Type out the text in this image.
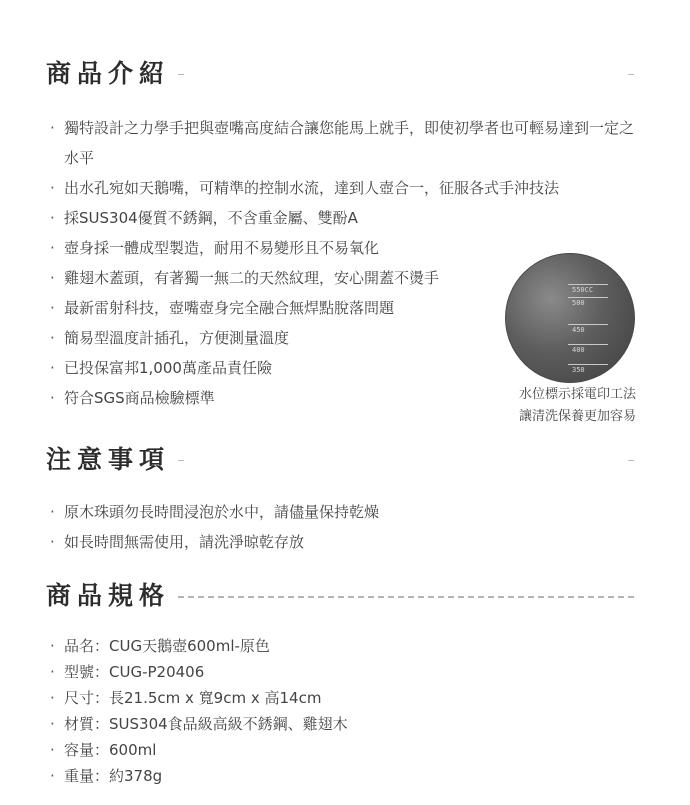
商品介紹
· 獨特設計之力學手把與壺嘴高度結合讓您能馬上就手，即使初學者也可輕易達到一定之水平
· 出水孔宛如天鵝嘴，可精準的控制水流，達到人壺合一，征服各式手沖技法
· 採SUS304優質不銹鋼，不含重金屬、雙酚A
· 壺身採一體成型製造，耐用不易變形且不易氧化
· 雞翅木蓋頭，有著獨一無二的天然紋理，安心開蓋不燙手
· 最新雷射科技，壺嘴壺身完全融合無焊點脫落問題
· 簡易型溫度計插孔，方便測量溫度
· 已投保富邦1,000萬產品責任險
· 符合SGS商品檢驗標準
550CC
500
450
400
350
水位標示採電印工法
讓清洗保養更加容易
注意事項
· 原木珠頭勿長時間浸泡於水中，請儘量保持乾燥
· 如長時間無需使用，請洗淨晾乾存放
商品規格
· 品名：CUG天鵝壺600ml-原色
· 型號：CUG-P20406
· 尺寸：長21.5cm x 寬9cm x 高14cm
· 材質：SUS304食品級高級不銹鋼、雞翅木
· 容量：600ml
· 重量：約378g
